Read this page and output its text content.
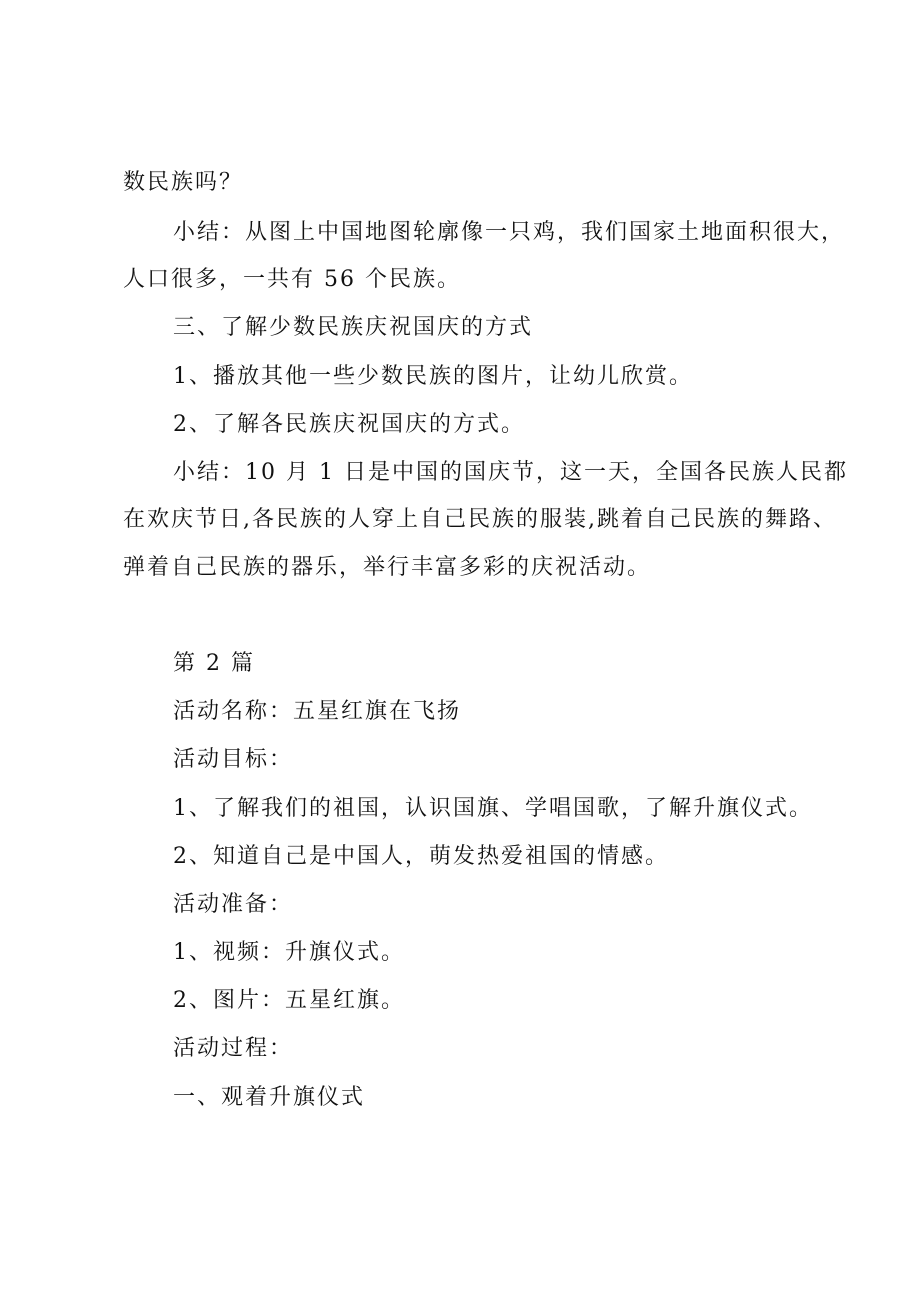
数民族吗？
小结：从图上中国地图轮廓像一只鸡，我们国家土地面积很大，
人口很多，一共有 56 个民族。
三、了解少数民族庆祝国庆的方式
1、播放其他一些少数民族的图片，让幼儿欣赏。
2、了解各民族庆祝国庆的方式。
小结：10 月 1 日是中国的国庆节，这一天，全国各民族人民都
在欢庆节日,各民族的人穿上自己民族的服装,跳着自己民族的舞路、
弹着自己民族的器乐，举行丰富多彩的庆祝活动。
第 2 篇
活动名称：五星红旗在飞扬
活动目标：
1、了解我们的祖国，认识国旗、学唱国歌，了解升旗仪式。
2、知道自己是中国人，萌发热爱祖国的情感。
活动准备：
1、视频：升旗仪式。
2、图片：五星红旗。
活动过程：
一、观着升旗仪式
